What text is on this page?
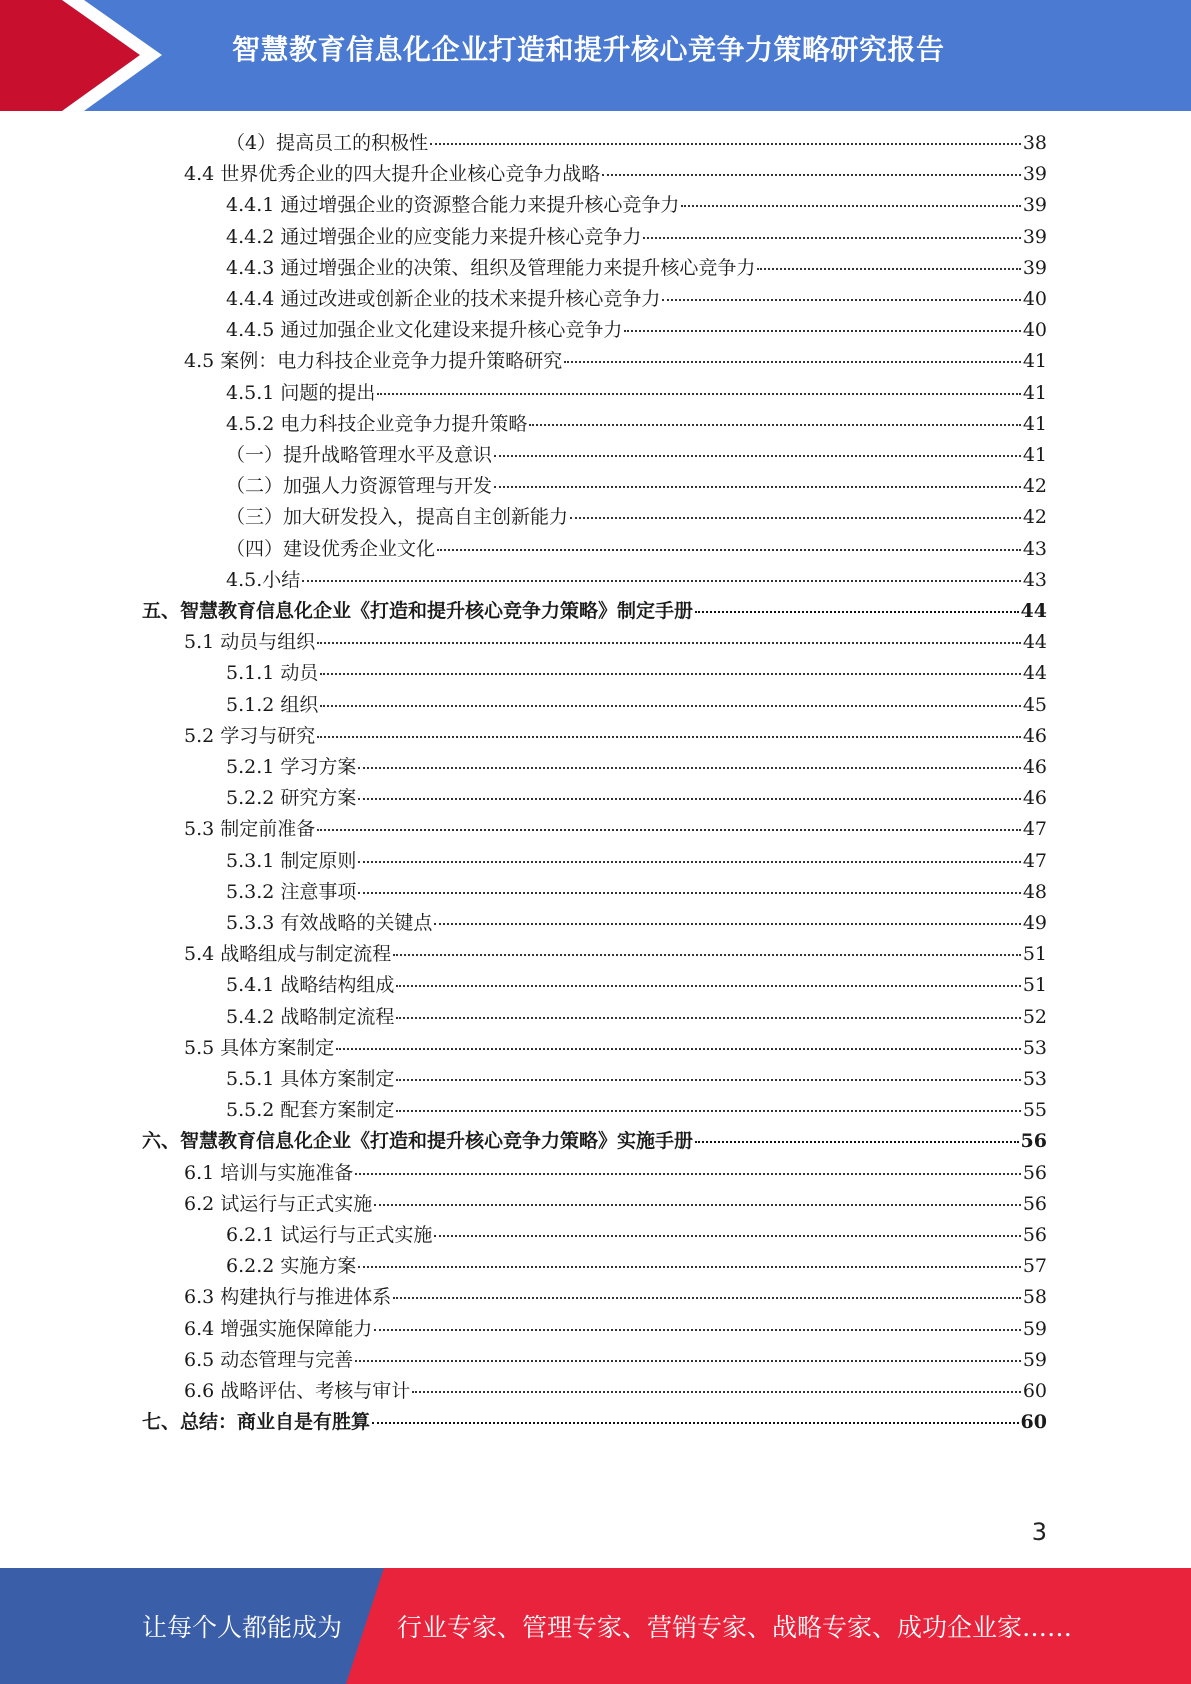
智慧教育信息化企业打造和提升核心竞争力策略研究报告
（4）提高员工的积极性	38
4.4 世界优秀企业的四大提升企业核心竞争力战略	39
4.4.1 通过增强企业的资源整合能力来提升核心竞争力	39
4.4.2 通过增强企业的应变能力来提升核心竞争力	39
4.4.3 通过增强企业的决策、组织及管理能力来提升核心竞争力	39
4.4.4 通过改进或创新企业的技术来提升核心竞争力	40
4.4.5 通过加强企业文化建设来提升核心竞争力	40
4.5 案例：电力科技企业竞争力提升策略研究	41
4.5.1 问题的提出	41
4.5.2 电力科技企业竞争力提升策略	41
（一）提升战略管理水平及意识	41
（二）加强人力资源管理与开发	42
（三）加大研发投入，提高自主创新能力	42
（四）建设优秀企业文化	43
4.5.小结	43
五、智慧教育信息化企业《打造和提升核心竞争力策略》制定手册	44
5.1 动员与组织	44
5.1.1 动员	44
5.1.2 组织	45
5.2 学习与研究	46
5.2.1 学习方案	46
5.2.2 研究方案	46
5.3 制定前准备	47
5.3.1 制定原则	47
5.3.2 注意事项	48
5.3.3 有效战略的关键点	49
5.4 战略组成与制定流程	51
5.4.1 战略结构组成	51
5.4.2 战略制定流程	52
5.5 具体方案制定	53
5.5.1 具体方案制定	53
5.5.2 配套方案制定	55
六、智慧教育信息化企业《打造和提升核心竞争力策略》实施手册	56
6.1 培训与实施准备	56
6.2 试运行与正式实施	56
6.2.1 试运行与正式实施	56
6.2.2 实施方案	57
6.3 构建执行与推进体系	58
6.4 增强实施保障能力	59
6.5 动态管理与完善	59
6.6 战略评估、考核与审计	60
七、总结：商业自是有胜算	60
3
让每个人都能成为 行业专家、管理专家、营销专家、战略专家、成功企业家……
